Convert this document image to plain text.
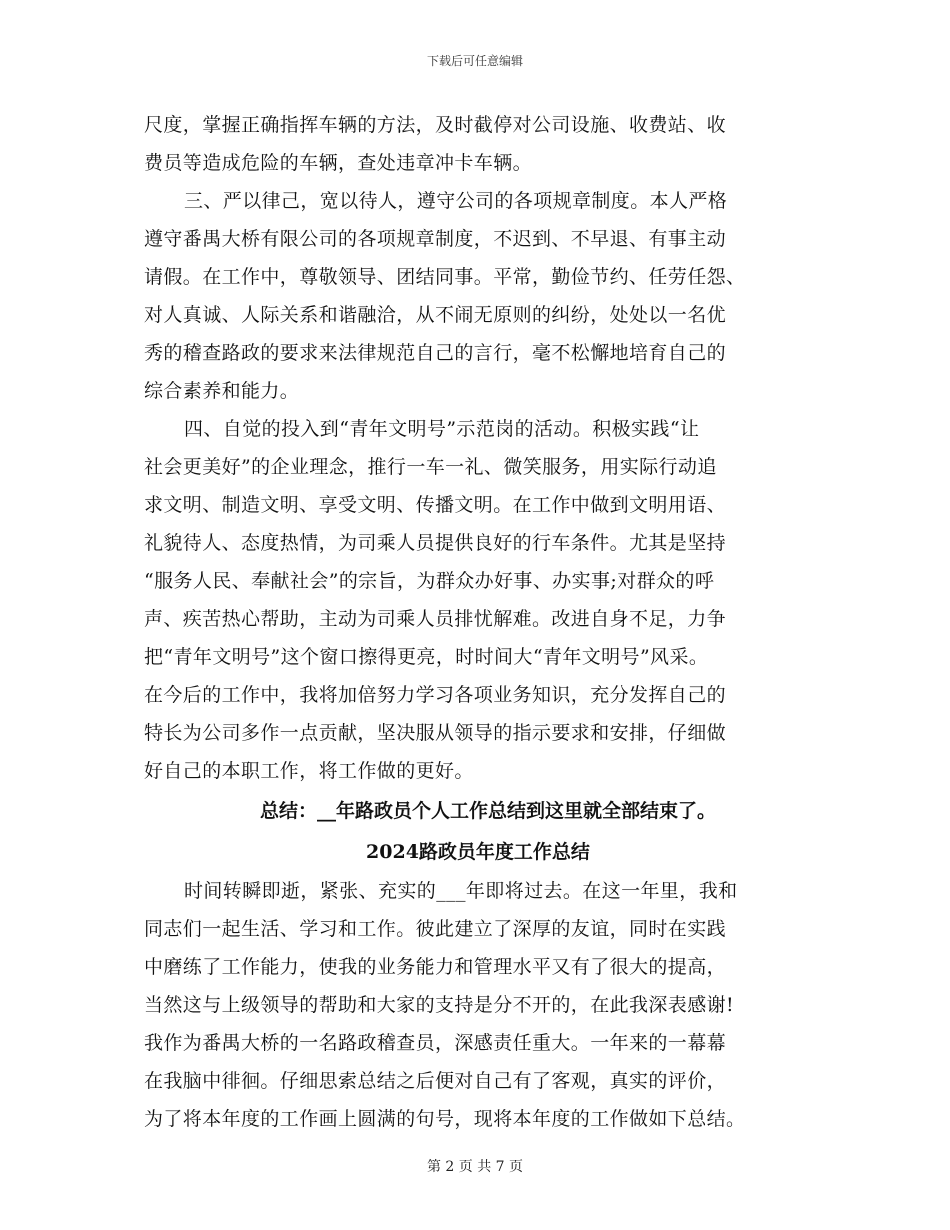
下载后可任意编辑
尺度，掌握正确指挥车辆的方法，及时截停对公司设施、收费站、收
费员等造成危险的车辆，查处违章冲卡车辆。
三、严以律己，宽以待人，遵守公司的各项规章制度。本人严格
遵守番禺大桥有限公司的各项规章制度，不迟到、不早退、有事主动
请假。在工作中，尊敬领导、团结同事。平常，勤俭节约、任劳任怨、
对人真诚、人际关系和谐融洽，从不闹无原则的纠纷，处处以一名优
秀的稽查路政的要求来法律规范自己的言行，毫不松懈地培育自己的
综合素养和能力。
四、自觉的投入到“青年文明号”示范岗的活动。积极实践“让
社会更美好”的企业理念，推行一车一礼、微笑服务，用实际行动追
求文明、制造文明、享受文明、传播文明。在工作中做到文明用语、
礼貌待人、态度热情，为司乘人员提供良好的行车条件。尤其是坚持
“服务人民、奉献社会”的宗旨，为群众办好事、办实事;对群众的呼
声、疾苦热心帮助，主动为司乘人员排忧解难。改进自身不足，力争
把“青年文明号”这个窗口擦得更亮，时时间大“青年文明号”风采。
在今后的工作中，我将加倍努力学习各项业务知识，充分发挥自己的
特长为公司多作一点贡献，坚决服从领导的指示要求和安排，仔细做
好自己的本职工作，将工作做的更好。
总结：__年路政员个人工作总结到这里就全部结束了。
2024路政员年度工作总结
时间转瞬即逝，紧张、充实的___年即将过去。在这一年里，我和
同志们一起生活、学习和工作。彼此建立了深厚的友谊，同时在实践
中磨练了工作能力，使我的业务能力和管理水平又有了很大的提高，
当然这与上级领导的帮助和大家的支持是分不开的，在此我深表感谢!
我作为番禺大桥的一名路政稽查员，深感责任重大。一年来的一幕幕
在我脑中徘徊。仔细思索总结之后便对自己有了客观，真实的评价，
为了将本年度的工作画上圆满的句号，现将本年度的工作做如下总结。
第 2 页 共 7 页
